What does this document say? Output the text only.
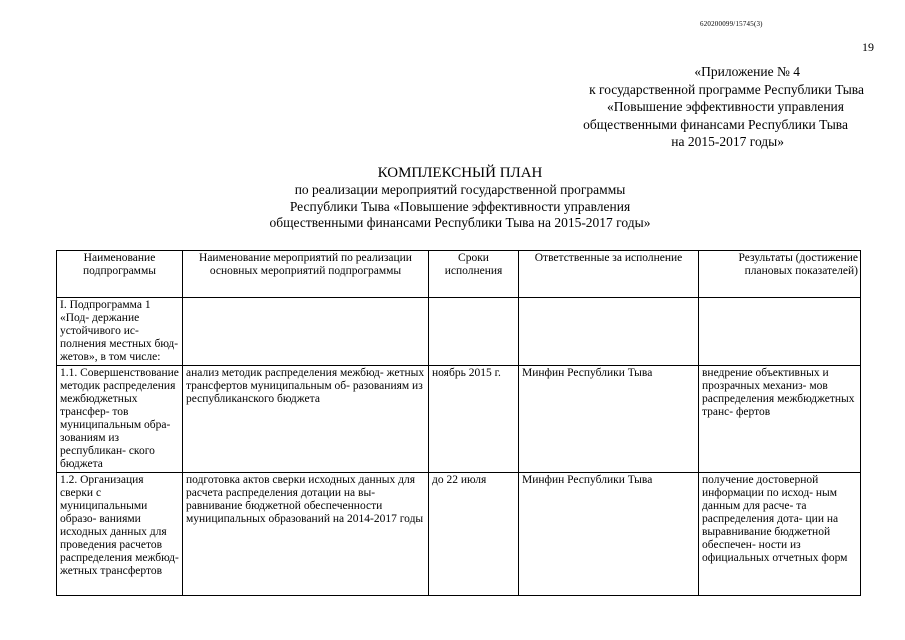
620200099/15745(3)
19
«Приложение № 4
к государственной программе Республики Тыва
«Повышение эффективности управления
общественными финансами Республики Тыва
на 2015-2017 годы»
КОМПЛЕКСНЫЙ ПЛАН
по реализации мероприятий государственной программы
Республики Тыва «Повышение эффективности управления
общественными финансами Республики Тыва на 2015-2017 годы»
Наименование подпрограммы	Наименование мероприятий по реализации основных мероприятий подпрограммы	Сроки исполнения	Ответственные за исполнение	Результаты (достижение плановых показателей)
I. Подпрограмма 1 «Под- держание устойчивого ис- полнения местных бюд- жетов», в том числе:				
1.1. Совершенствование методик распределения межбюджетных трансфер- тов муниципальным обра- зованиям из республикан- ского бюджета	анализ методик распределения межбюд- жетных трансфертов муниципальным об- разованиям из республиканского бюджета	ноябрь 2015 г.	Минфин Республики Тыва	внедрение объективных и прозрачных механиз- мов распределения межбюджетных транс- фертов
1.2. Организация сверки с муниципальными образо- ваниями исходных данных для проведения расчетов распределения межбюд- жетных трансфертов	подготовка актов сверки исходных данных для расчета распределения дотации на вы- равнивание бюджетной обеспеченности муниципальных образований на 2014-2017 годы	до 22 июля	Минфин Республики Тыва	получение достоверной информации по исход- ным данным для расче- та распределения дота- ции на выравнивание бюджетной обеспечен- ности из официальных отчетных форм
